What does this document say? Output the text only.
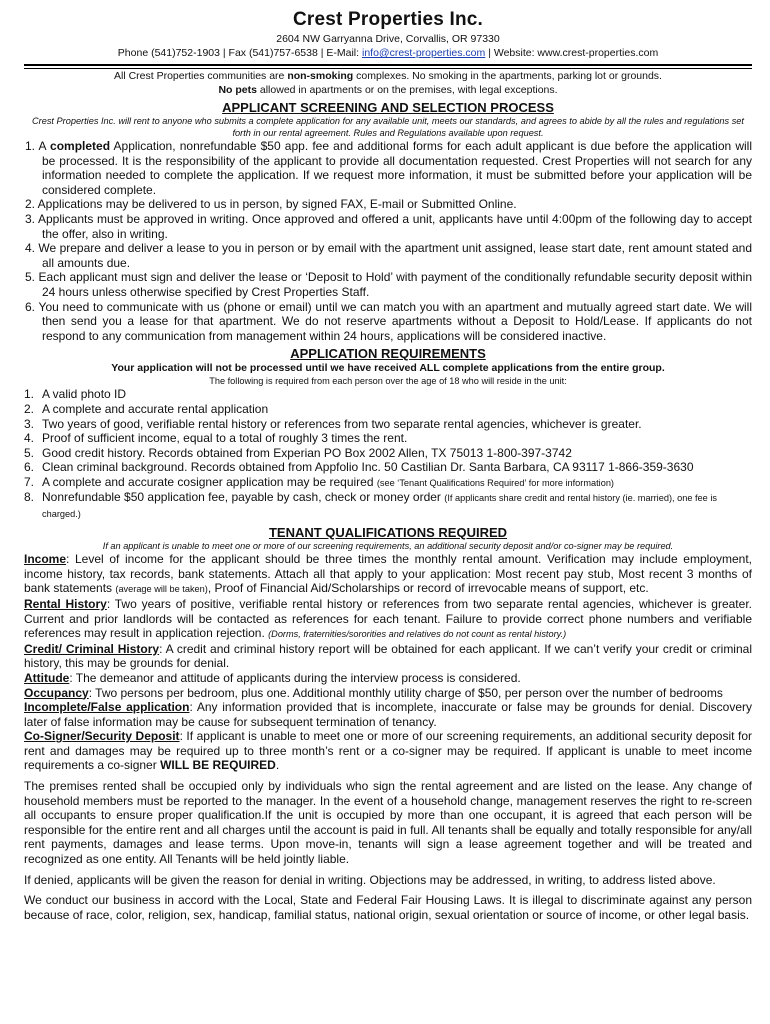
Crest Properties Inc.
2604 NW Garryanna Drive, Corvallis, OR 97330
Phone (541)752-1903 | Fax (541)757-6538 | E-Mail: info@crest-properties.com | Website: www.crest-properties.com
All Crest Properties communities are non-smoking complexes. No smoking in the apartments, parking lot or grounds.
No pets allowed in apartments or on the premises, with legal exceptions.
APPLICANT SCREENING AND SELECTION PROCESS
Crest Properties Inc. will rent to anyone who submits a complete application for any available unit, meets our standards, and agrees to abide by all the rules and regulations set forth in our rental agreement. Rules and Regulations available upon request.

1. A completed Application, nonrefundable $50 app. fee and additional forms for each adult applicant is due before the application will be processed. It is the responsibility of the applicant to provide all documentation requested. Crest Properties will not search for any information needed to complete the application. If we request more information, it must be submitted before your application will be considered complete.

2. Applications may be delivered to us in person, by signed FAX, E-mail or Submitted Online.

3. Applicants must be approved in writing. Once approved and offered a unit, applicants have until 4:00pm of the following day to accept the offer, also in writing.

4. We prepare and deliver a lease to you in person or by email with the apartment unit assigned, lease start date, rent amount stated and all amounts due.

5. Each applicant must sign and deliver the lease or ‘Deposit to Hold’ with payment of the conditionally refundable security deposit within 24 hours unless otherwise specified by Crest Properties Staff.

6. You need to communicate with us (phone or email) until we can match you with an apartment and mutually agreed start date. We will then send you a lease for that apartment. We do not reserve apartments without a Deposit to Hold/Lease. If applicants do not respond to any communication from management within 24 hours, applications will be considered inactive.

APPLICATION REQUIREMENTS
Your application will not be processed until we have received ALL complete applications from the entire group.
The following is required from each person over the age of 18 who will reside in the unit:
1. A valid photo ID
2. A complete and accurate rental application
3. Two years of good, verifiable rental history or references from two separate rental agencies, whichever is greater.
4. Proof of sufficient income, equal to a total of roughly 3 times the rent.
5. Good credit history. Records obtained from Experian PO Box 2002 Allen, TX 75013 1-800-397-3742
6. Clean criminal background. Records obtained from Appfolio Inc. 50 Castilian Dr. Santa Barbara, CA 93117 1-866-359-3630
7. A complete and accurate cosigner application may be required (see ‘Tenant Qualifications Required’ for more information)
8. Nonrefundable $50 application fee, payable by cash, check or money order (If applicants share credit and rental history (ie. married), one fee is charged.)
TENANT QUALIFICATIONS REQUIRED
If an applicant is unable to meet one or more of our screening requirements, an additional security deposit and/or co-signer may be required.

Income: Level of income for the applicant should be three times the monthly rental amount. Verification may include employment, income history, tax records, bank statements. Attach all that apply to your application: Most recent pay stub, Most recent 3 months of bank statements (average will be taken), Proof of Financial Aid/Scholarships or record of irrevocable means of support, etc.

Rental History: Two years of positive, verifiable rental history or references from two separate rental agencies, whichever is greater. Current and prior landlords will be contacted as references for each tenant. Failure to provide correct phone numbers and verifiable references may result in application rejection. (Dorms, fraternities/sororities and relatives do not count as rental history.)

Credit/ Criminal History: A credit and criminal history report will be obtained for each applicant. If we can’t verify your credit or criminal history, this may be grounds for denial.

Attitude: The demeanor and attitude of applicants during the interview process is considered.

Occupancy: Two persons per bedroom, plus one. Additional monthly utility charge of $50, per person over the number of bedrooms

Incomplete/False application: Any information provided that is incomplete, inaccurate or false may be grounds for denial. Discovery later of false information may be cause for subsequent termination of tenancy.

Co-Signer/Security Deposit: If applicant is unable to meet one or more of our screening requirements, an additional security deposit for rent and damages may be required up to three month’s rent or a co-signer may be required. If applicant is unable to meet income requirements a co-signer WILL BE REQUIRED.

The premises rented shall be occupied only by individuals who sign the rental agreement and are listed on the lease. Any change of household members must be reported to the manager. In the event of a household change, management reserves the right to re-screen all occupants to ensure proper qualification.If the unit is occupied by more than one occupant, it is agreed that each person will be responsible for the entire rent and all charges until the account is paid in full. All tenants shall be equally and totally responsible for any/all rent payments, damages and lease terms. Upon move-in, tenants will sign a lease agreement together and will be treated and recognized as one entity. All Tenants will be held jointly liable.

If denied, applicants will be given the reason for denial in writing. Objections may be addressed, in writing, to address listed above.

We conduct our business in accord with the Local, State and Federal Fair Housing Laws. It is illegal to discriminate against any person because of race, color, religion, sex, handicap, familial status, national origin, sexual orientation or source of income, or other legal basis.
